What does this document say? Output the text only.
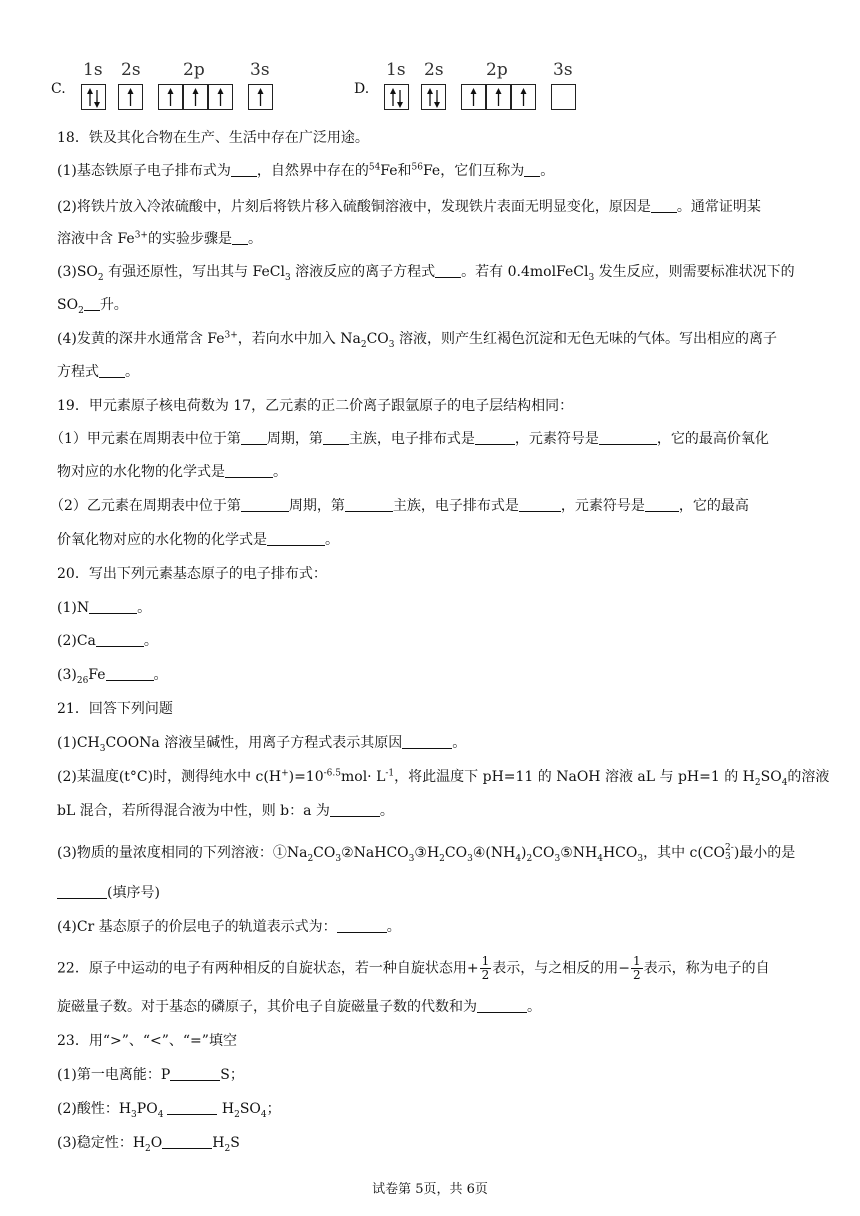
C.
1s 2s 2p	3s
D.
1s 2s 2p	3s
18．铁及其化合物在生产、生活中存在广泛用途。
(1)基态铁原子电子排布式为 ，自然界中存在的$^{54}$Fe和$^{56}$Fe，它们互称为 。
(2)将铁片放入冷浓硫酸中，片刻后将铁片移入硫酸铜溶液中，发现铁片表面无明显变化，原因是 。通常证明某
溶液中含 $Fe^{3+}$的实验步骤是 。
$(3)SO_2$ 有强还原性，写出其与 FeCl$_3$ 溶液反应的离子方程式 。若有 0.4molFeCl$_3$ 发生反应，则需要标准状况下的
$SO_2$ 升。
(4)发黄的深井水通常含 $Fe^{3+}$，若向水中加入 $Na_2CO_3$ 溶液，则产生红褐色沉淀和无色无味的气体。写出相应的离子
方程式 。
19．甲元素原子核电荷数为 17，乙元素的正二价离子跟氩原子的电子层结构相同：
（1）甲元素在周期表中位于第 周期，第 主族，电子排布式是	，元素符号是	，它的最高价氧化
物对应的水化物的化学式是	。
（2）乙元素在周期表中位于第	周期，第	主族，电子排布式是	，元素符号是 ，它的最高
价氧化物对应的水化物的化学式是	。
20．写出下列元素基态原子的电子排布式：
(1)N	。
(2)Ca	。
$(3)_{26}Fe$	。
21．回答下列问题
$(1)CH_3COONa$ 溶液呈碱性，用离子方程式表示其原因	。
(2)某温度(t°C)时，测得纯水中 $c(H^+)=10^{-6.5}mol\cdot L^{-1}$，将此温度下 pH=11 的 NaOH 溶液 aL 与 pH=1 的 $H_2SO_4$的溶液
bL 混合，若所得混合液为中性，则 b：a 为	。
(3)物质的量浓度相同的下列溶液：$①Na_2CO_3②NaHCO_3③H_2CO_3④(NH_4)_2CO_3⑤NH_4HCO_3$，其中 c(CO 2-
3 )最小的是
(填序号)
(4)Cr 基态原子的价层电子的轨道表示式为：	。
22．原子中运动的电子有两种相反的自旋状态，若一种自旋状态用+ $\frac{1}{2}$ 表示，与之相反的用− $\frac{1}{2}$ 表示，称为电子的自
旋磁量子数。对于基态的磷原子，其价电子自旋磁量子数的代数和为	。
23．用“>”、“<”、“=”填空
(1)第一电离能：P	S；
(2)酸性：$H_3PO_4$	$H_2SO_4$；
(3)稳定性：$H_2O$	$H_2S$
试卷第 5页，共 6页
